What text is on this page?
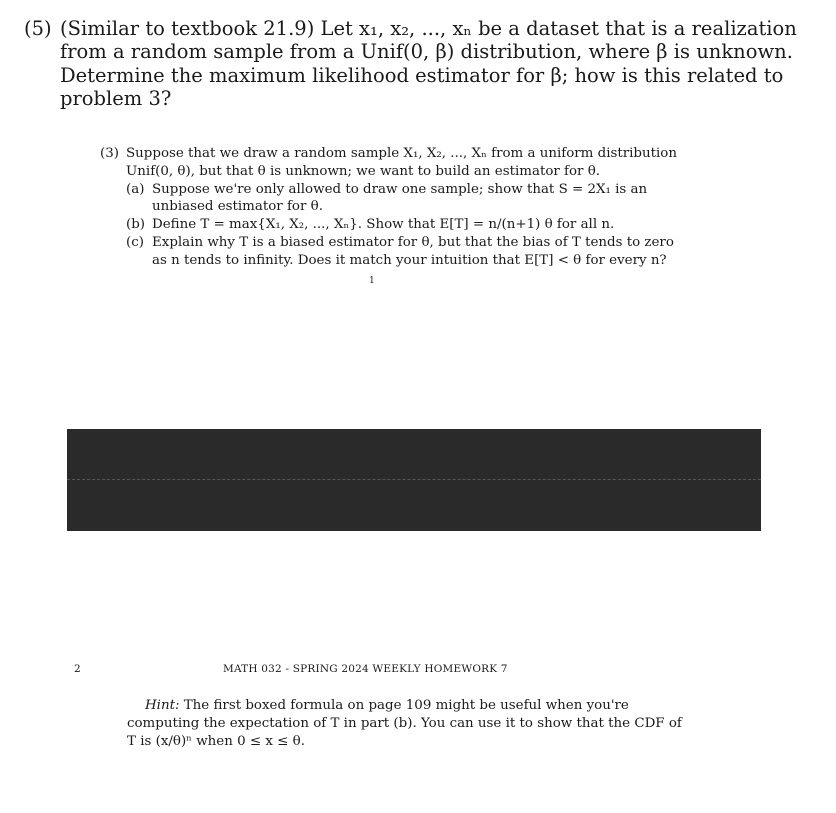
(5) (Similar to textbook 21.9) Let x₁, x₂, ..., xₙ be a dataset that is a realization from a random sample from a Unif(0, β) distribution, where β is unknown. Determine the maximum likelihood estimator for β; how is this related to problem 3?
(3) Suppose that we draw a random sample X₁, X₂, ..., Xₙ from a uniform distribution Unif(0, θ), but that θ is unknown; we want to build an estimator for θ.
(a) Suppose we're only allowed to draw one sample; show that S = 2X₁ is an unbiased estimator for θ.
(b) Define T = max{X₁, X₂, ..., Xₙ}. Show that E[T] = n/(n+1) θ for all n.
(c) Explain why T is a biased estimator for θ, but that the bias of T tends to zero as n tends to infinity. Does it match your intuition that E[T] < θ for every n?
1
2	MATH 032 - SPRING 2024 WEEKLY HOMEWORK 7
Hint: The first boxed formula on page 109 might be useful when you're computing the expectation of T in part (b). You can use it to show that the CDF of T is (x/θ)ⁿ when 0 ≤ x ≤ θ.
